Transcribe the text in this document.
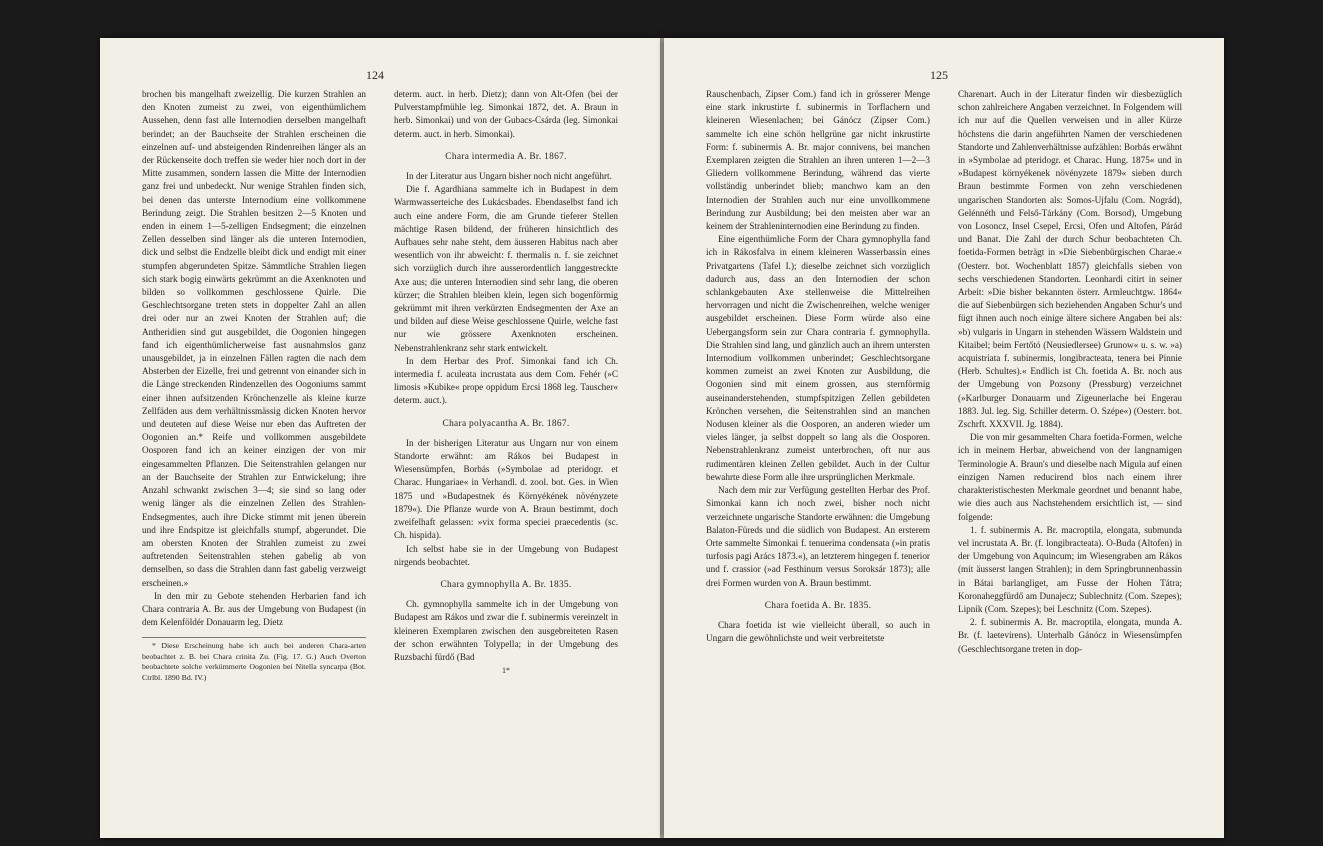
124

brochen bis mangelhaft zweizellig. Die kurzen Strahlen an den Knoten zumeist zu zwei, von eigenthümlichem Aussehen, denn fast alle Internodien derselben mangelhaft berindet; an der Bauchseite der Strahlen erscheinen die einzelnen auf- und absteigenden Rindenreihen länger als an der Rückenseite doch treffen sie weder hier noch dort in der Mitte zusammen, sondern lassen die Mitte der Internodien ganz frei und unbedeckt. Nur wenige Strahlen finden sich, bei denen das unterste Internodium eine vollkommene Berindung zeigt. Die Strahlen besitzen 2—5 Knoten und enden in einem 1—5-zelligen Endsegment; die einzelnen Zellen desselben sind länger als die unteren Internodien, dick und selbst die Endzelle bleibt dick und endigt mit einer stumpfen abgerundeten Spitze. Sämmtliche Strahlen liegen sich stark bogig einwärts gekrümmt an die Axenknoten und bilden so vollkommen geschlossene Quirle. Die Geschlechtsorgane treten stets in doppelter Zahl an allen drei oder nur an zwei Knoten der Strahlen auf; die Antheridien sind gut ausgebildet, die Oogonien hingegen fand ich eigenthümlicherweise fast ausnahmslos ganz unausgebildet, ja in einzelnen Fällen ragten die nach dem Absterben der Eizelle, frei und getrennt von einander sich in die Länge streckenden Rindenzellen des Oogoniums sammt einer ihnen aufsitzenden Krönchenzelle als kleine kurze Zellfäden aus dem verhältnissmässig dicken Knoten hervor und deuteten auf diese Weise nur eben das Auftreten der Oogonien an.* Reife und vollkommen ausgebildete Oosporen fand ich an keiner einzigen der von mir eingesammelten Pflanzen. Die Seitenstrahlen gelangen nur an der Bauchseite der Strahlen zur Entwickelung; ihre Anzahl schwankt zwischen 3—4; sie sind so lang oder wenig länger als die einzelnen Zellen des Strahlen-Endsegmentes, auch ihre Dicke stimmt mit jenen überein und ihre Endspitze ist gleichfalls stumpf, abgerundet. Die am obersten Knoten der Strahlen zumeist zu zwei auftretenden Seitenstrahlen stehen gabelig ab von demselben, so dass die Strahlen dann fast gabelig verzweigt erscheinen.»

In den mir zu Gebote stehenden Herbarien fand ich Chara contraria A. Br. aus der Umgebung von Budapest (in dem Kelenföldér Donauarm leg. Dietz

* Diese Erscheinung habe ich auch bei anderen Chara-arten beobachtet z. B. bei Chara crinita Zu. (Fig. 17. G.) Auch Overton beobachtete solche verkümmerte Oogonien bei Nitella syncarpa (Bot. Ctrlbl. 1890 Bd. IV.)

determ. auct. in herb. Dietz); dann von Alt-Ofen (bei der Pulverstampfmühle leg. Simonkai 1872, det. A. Braun in herb. Simonkai) und von der Gubacs-Csárda (leg. Simonkai determ. auct. in herb. Simonkai).

Chara intermedia A. Br. 1867.

In der Literatur aus Ungarn bisher noch nicht angeführt.

Die f. Agardhiana sammelte ich in Budapest in dem Warmwasserteiche des Lukácsbades. Ebendaselbst fand ich auch eine andere Form, die am Grunde tieferer Stellen mächtige Rasen bildend, der früheren hinsichtlich des Aufbaues sehr nahe steht, dem äusseren Habitus nach aber wesentlich von ihr abweicht: f. thermalis n. f. sie zeichnet sich vorzüglich durch ihre ausserordentlich langgestreckte Axe aus; die unteren Internodien sind sehr lang, die oberen kürzer; die Strahlen bleiben klein, legen sich bogenförmig gekrümmt mit ihren verkürzten Endsegmenten der Axe an und bilden auf diese Weise geschlossene Quirle, welche fast nur wie grössere Axenknoten erscheinen. Nebenstrahlenkranz sehr stark entwickelt.

In dem Herbar des Prof. Simonkai fand ich Ch. intermedia f. aculeata incrustata aus dem Com. Fehér (»C limosis »Kubike« prope oppidum Ercsi 1868 leg. Tauscher« determ. auct.).

Chara polyacantha A. Br. 1867.

In der bisherigen Literatur aus Ungarn nur von einem Standorte erwähnt: am Rákos bei Budapest in Wiesensümpfen, Borbás (»Symbolae ad pteridogr. et Charac. Hungariae« in Verhandl. d. zool. bot. Ges. in Wien 1875 und »Budapestnek és Környékének növényzete 1879«). Die Pflanze wurde von A. Braun bestimmt, doch zweifelhaft gelassen: »vix forma speciei praecedentis (sc. Ch. hispida).

Ich selbst habe sie in der Umgebung von Budapest nirgends beobachtet.

Chara gymnophylla A. Br. 1835.

Ch. gymnophylla sammelte ich in der Umgebung von Budapest am Rákos und zwar die f. subinermis vereinzelt in kleineren Exemplaren zwischen den ausgebreiteten Rasen der schon erwähnten Tolypella; in der Umgebung des Ruzsbachi fürdő (Bad

1*
125

Rauschenbach, Zipser Com.) fand ich in grösserer Menge eine stark inkrustirte f. subinermis in Torflachern und kleineren Wiesenlachen; bei Gánócz (Zipser Com.) sammelte ich eine schön hellgrüne gar nicht inkrustirte Form: f. subinermis A. Br. major connivens, bei manchen Exemplaren zeigten die Strahlen an ihren unteren 1—2—3 Gliedern vollkommene Berindung, während das vierte vollständig unberindet blieb; manchwo kam an den Internodien der Strahlen auch nur eine unvollkommene Berindung zur Ausbildung; bei den meisten aber war an keinem der Strahleninternodien eine Berindung zu finden.

Eine eigenthümliche Form der Chara gymnophylla fand ich in Rákosfalva in einem kleineren Wasserbassin eines Privatgartens (Tafel I.); dieselbe zeichnet sich vorzüglich dadurch aus, dass an den Internodien der schon schlankgebauten Axe stellenweise die Mittelreihen hervorragen und nicht die Zwischenreihen, welche weniger ausgebildet erscheinen. Diese Form würde also eine Uebergangsform sein zur Chara contraria f. gymnophylla. Die Strahlen sind lang, und gänzlich auch an ihrem untersten Internodium vollkommen unberindet; Geschlechtsorgane kommen zumeist an zwei Knoten zur Ausbildung, die Oogonien sind mit einem grossen, aus sternförmig auseinanderstehenden, stumpfspitzigen Zellen gebildeten Krönchen versehen, die Seitenstrahlen sind an manchen Nodusen kleiner als die Oosporen, an anderen wieder um vieles länger, ja selbst doppelt so lang als die Oosporen. Nebenstrahlenkranz zumeist unterbrochen, oft nur aus rudimentären kleinen Zellen gebildet. Auch in der Cultur bewahrte diese Form alle ihre ursprünglichen Merkmale.

Nach dem mir zur Verfügung gestellten Herbar des Prof. Simonkai kann ich noch zwei, bisher noch nicht verzeichnete ungarische Standorte erwähnen: die Umgebung Balaton-Füreds und die südlich von Budapest. An ersterem Orte sammelte Simonkai f. tenuerima condensata (»in pratis turfosis pagi Arács 1873.«), an letzterem hingegen f. tenerior und f. crassior (»ad Festhinum versus Soroksár 1873); alle drei Formen wurden von A. Braun bestimmt.

Chara foetida A. Br. 1835.

Chara foetida ist wie vielleicht überall, so auch in Ungarn die gewöhnlichste und weit verbreitetste

Charenart. Auch in der Literatur finden wir diesbezüglich schon zahlreichere Angaben verzeichnet. In Folgendem will ich nur auf die Quellen verweisen und in aller Kürze höchstens die darin angeführten Namen der verschiedenen Standorte und Zahlenverhältnisse aufzählen: Borbás erwähnt in »Symbolae ad pteridogr. et Charac. Hung. 1875« und in »Budapest környékenek növényzete 1879« sieben durch Braun bestimmte Formen von zehn verschiedenen ungarischen Standorten als: Somos-Ujfalu (Com. Nográd), Gelénnéth und Felső-Tárkány (Com. Borsod), Umgebung von Losoncz, Insel Csepel, Ercsi, Ofen und Altofen, Párád und Banat. Die Zahl der durch Schur beobachteten Ch. foetida-Formen beträgt in »Die Siebenbürgischen Charae.« (Oesterr. bot. Wochenblatt 1857) gleichfalls sieben von sechs verschiedenen Standorten. Leonhardi citirt in seiner Arbeit: »Die bisher bekannten österr. Armleuchtgw. 1864« die auf Siebenbürgen sich beziehenden Angaben Schur's und fügt ihnen auch noch einige ältere sichere Angaben bei als: »b) vulgaris in Ungarn in stehenden Wässern Waldstein und Kitaibel; beim Fertőtó (Neusiedlersee) Grunow« u. s. w. »a) acquistriata f. subinermis, longibracteata, tenera bei Pinnie (Herb. Schultes).« Endlich ist Ch. foetida A. Br. noch aus der Umgebung von Pozsony (Pressburg) verzeichnet (»Karlburger Donauarm und Zigeunerlache bei Engerau 1883. Jul. leg. Sig. Schiller determ. O. Szépe«) (Oesterr. bot. Zschrft. XXXVII. Jg. 1884).

Die von mir gesammelten Chara foetida-Formen, welche ich in meinem Herbar, abweichend von der langnamigen Terminologie A. Braun's und dieselbe nach Migula auf einen einzigen Namen reducirend blos nach einem ihrer charakteristischesten Merkmale geordnet und benannt habe, wie dies auch aus Nachstehendem ersichtlich ist, — sind folgende:

1. f. subinermis A. Br. macroptila, elongata, submunda vel incrustata A. Br. (f. longibracteata). O-Buda (Altofen) in der Umgebung von Aquincum; im Wiesengraben am Rákos (mit äusserst langen Strahlen); in dem Springbrunnenbassin in Bátai barlangliget, am Fusse der Hohen Tátra; Koronaheggfürdő am Dunajecz; Sublechnitz (Com. Szepes); Lipnik (Com. Szepes); bei Leschnitz (Com. Szepes).

2. f. subinermis A. Br. macroptila, elongata, munda A. Br. (f. laetevirens). Unterhalb Gánócz in Wiesensümpfen (Geschlechtsorgane treten in dop-
